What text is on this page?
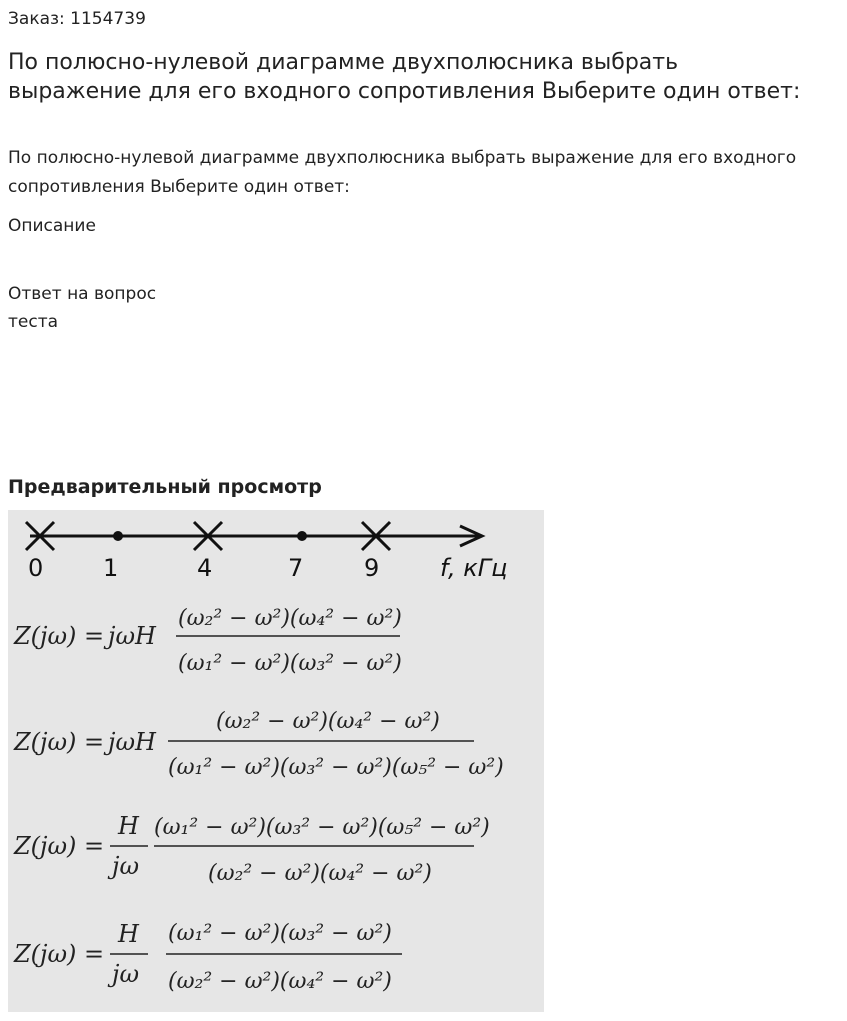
Заказ: 1154739
По полюсно-нулевой диаграмме двухполюсника выбрать выражение для его входного сопротивления Выберите один ответ:
По полюсно-нулевой диаграмме двухполюсника выбрать выражение для его входного сопротивления Выберите один ответ:
Описание
Ответ на вопрос теста
Предварительный просмотр
0 1	4	7	9	f, кГц
Z(jω) = jωH
(ω₂² − ω²)(ω₄² − ω²)
(ω₁² − ω²)(ω₃² − ω²)
Z(jω) = jωH
(ω₂² − ω²)(ω₄² − ω²)
(ω₁² − ω²)(ω₃² − ω²)(ω₅² − ω²)
Z(jω) =
H
jω
(ω₁² − ω²)(ω₃² − ω²)(ω₅² − ω²)
(ω₂² − ω²)(ω₄² − ω²)
Z(jω) =
H
jω
(ω₁² − ω²)(ω₃² − ω²)
(ω₂² − ω²)(ω₄² − ω²)
